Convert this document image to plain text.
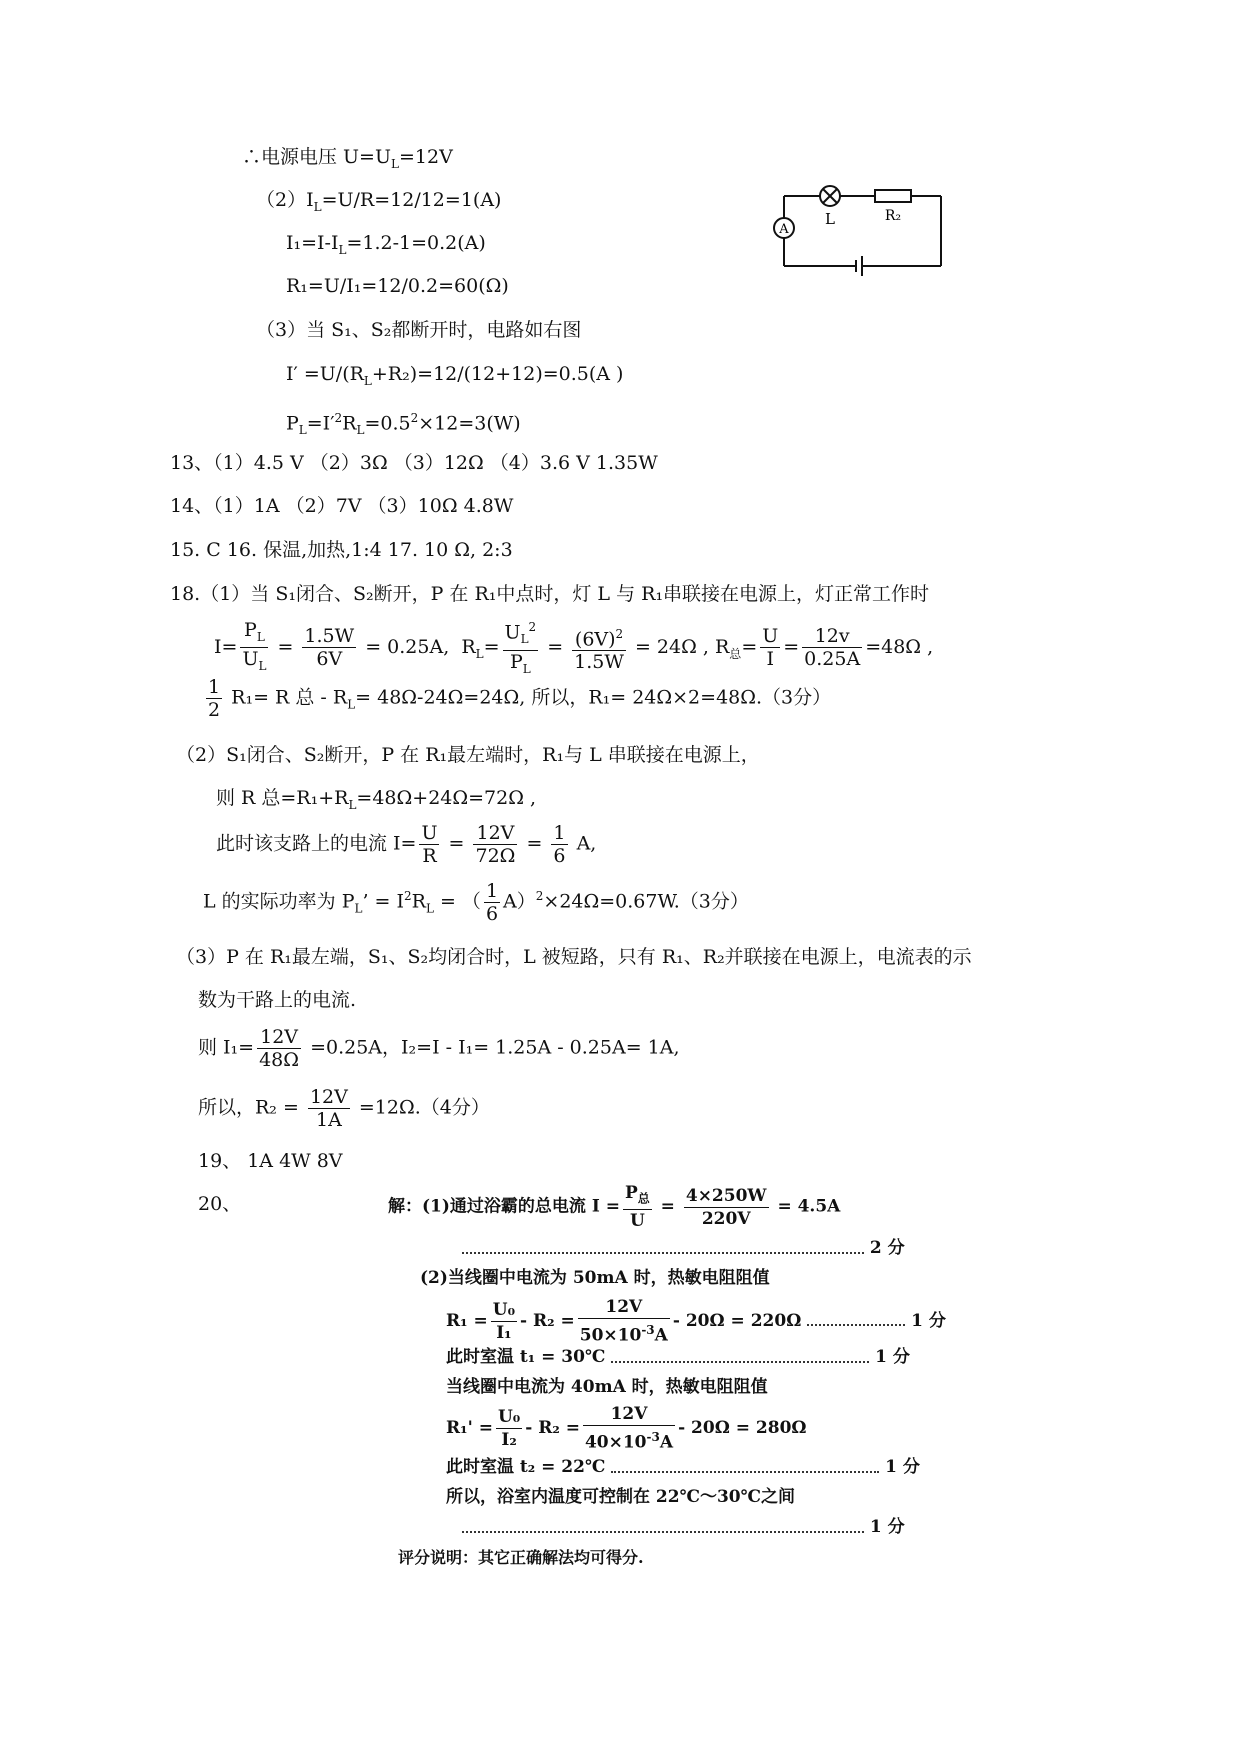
∴电源电压 $U=U_L=12V$
$(2)I_L=U/R=12/12=1(A)$
$I_1=I-I_L=1.2-1=0.2(A)$
R₁=U/I₁=12/0.2=60(Ω)
（3）当 S₁、S₂都断开时，电路如右图
$I' =U/(R_L+R_2)=12/(12+12)=0.5(A$ )
$P_L=I'^2R_L=0.5^2\times 12=3(W)$
L	R₂
A
13、（1）4.5 V （2）3Ω （3）12Ω （4）3.6 V 1.35W
14、（1）1A （2）7V （3）10Ω 4.8W
15. C 16. 保温,加热,1:4 17. 10 Ω, 2:3
18.（1）当 S₁闭合、S₂断开，P 在 R₁中点时，灯 L 与 R₁串联接在电源上，灯正常工作时
$I= \frac{P_L}{U_L} = \frac{1.5W}{6V} = 0.25A$, $R_L= \frac{U_L^2}{P_L} = \frac{(6V)^2}{1.5W} = 24\Omega$ , $R_总= \frac{U}{I} = \frac{12v}{0.25A} =48\Omega$ ,
$\frac{1}{2} R_1= R$ 总 - $R_L= 48\Omega-24\Omega=24\Omega$, 所以，R₁= 24Ω×2=48Ω.（3分）
（2）S₁闭合、S₂断开，P 在 R₁最左端时，R₁与 L 串联接在电源上，
则 R 总$=R_1+R_L=48\Omega+24\Omega=72\Omega$ ,
此时该支路上的电流 $I= \frac{U}{R} = \frac{12V}{72\Omega} = \frac{1}{6} A$,
L 的实际功率为 $P_L$’ = $I^2R_L$ = （ $\frac{1}{6} A)^2\times 24\Omega=0.67W.(3$分）
（3）P 在 R₁最左端，S₁、S₂均闭合时，L 被短路，只有 R₁、R₂并联接在电源上，电流表的示
数为干路上的电流.
则 $I_1= \frac{12V}{48\Omega} =0.25A$，I₂=I - I₁= 1.25A - 0.25A= 1A,
所以，$R_2 = \frac{12V}{1A} =12\Omega.(4$分）
19、 1A 4W 8V
20、	解：(1)通过浴霸的总电流 $I = \frac{P_总}{U} = \frac{4\times 250W}{220V} = 4.5A$
2 分
(2)当线圈中电流为 50mA 时，热敏电阻阻值
$R_1 = \frac{\text{U₀}}{\text{I₁}} - R_2 = \frac{12V}{50\times 10^{-3}A} - 20\Omega = 220\Omega$	1 分
此时室温 t₁ = 30℃	1 分
当线圈中电流为 40mA 时，热敏电阻阻值
$R_1' = \frac{\text{U₀}}{\text{I₂}} - R_2 = \frac{12V}{40\times 10^{-3}A} - 20\Omega = 280\Omega$
此时室温 t₂ = 22℃	1 分
所以，浴室内温度可控制在 22℃～30℃之间
1 分
评分说明：其它正确解法均可得分.
